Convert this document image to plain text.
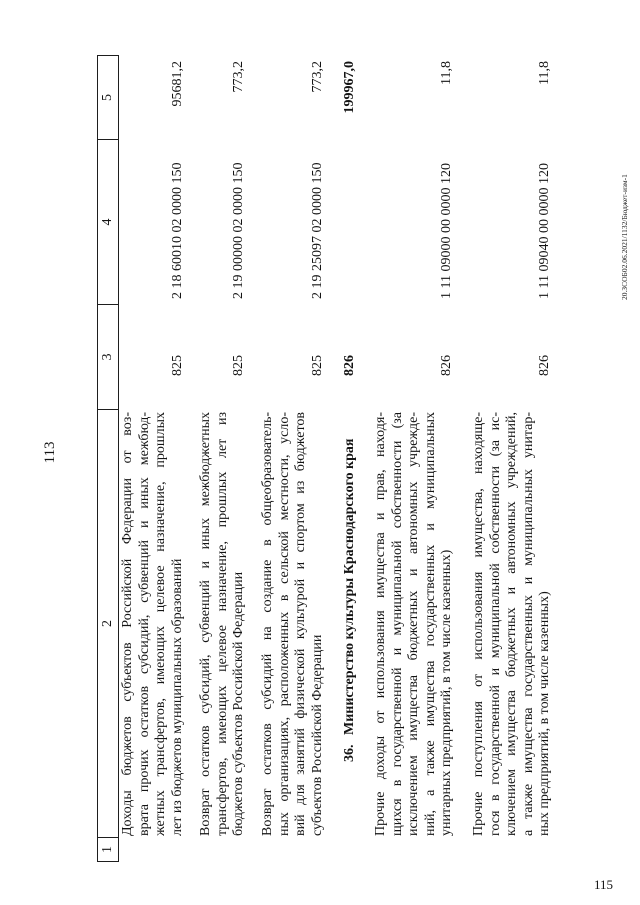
113
1
2
3
4
5
Доходы бюджетов субъектов Российской Федерации от воз- врата прочих остатков субсидий, субвенций и иных межбюд- жетных трансфертов, имеющих целевое назначение, прошлых лет из бюджетов муниципальных образований
825
2 18 60010 02 0000 150
95681,2
Возврат остатков субсидий, субвенций и иных межбюджетных трансфертов, имеющих целевое назначение, прошлых лет из бюджетов субъектов Российской Федерации
825
2 19 00000 02 0000 150
773,2
Возврат остатков субсидий на создание в общеобразователь- ных организациях, расположенных в сельской местности, усло- вий для занятий физической культурой и спортом из бюджетов субъектов Российской Федерации
825
2 19 25097 02 0000 150
773,2
36.Министерство культуры Краснодарского края
826
199967,0
Прочие доходы от использования имущества и прав, находя- щихся в государственной и муниципальной собственности (за исключением имущества бюджетных и автономных учрежде- ний, а также имущества государственных и муниципальных унитарных предприятий, в том числе казенных)
826
1 11 09000 00 0000 120
11,8
Прочие поступления от использования имущества, находяще- гося в государственной и муниципальной собственности (за ис- ключением имущества бюджетных и автономных учреждений, а также имущества государственных и муниципальных унитар- ных предприятий, в том числе казенных)
826
1 11 09040 00 0000 120
11,8
20.ЗСОБ02.06.2021/1132/Бюджет-изм-1
115
